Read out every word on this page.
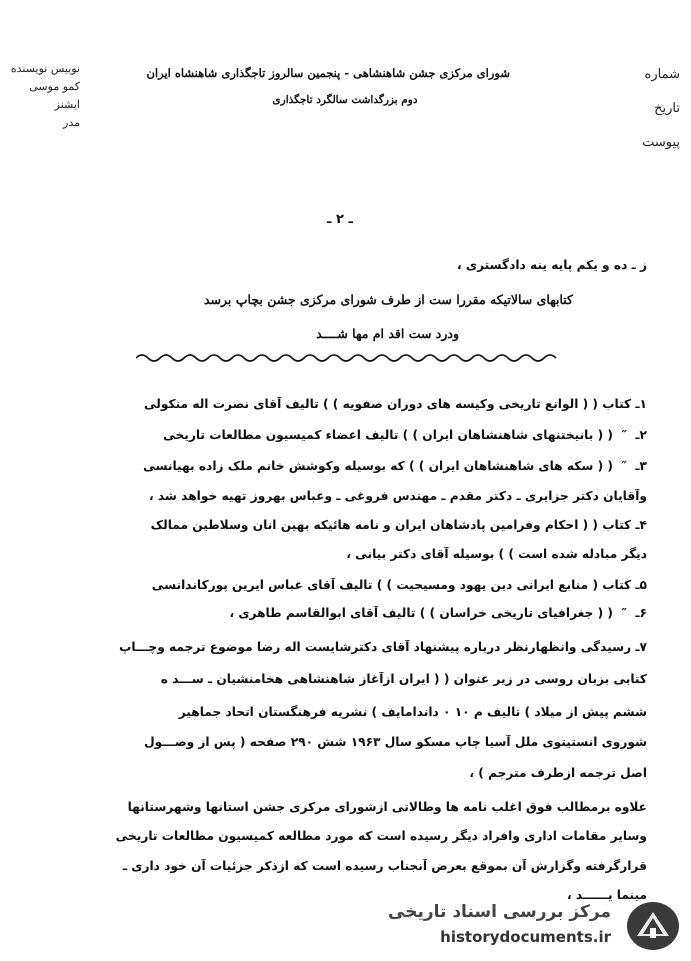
نوییس نویسنده
کمو موسی ایشنز
مدر
شماره
تاریخ
پیوست
شورای مرکزی جشن شاهنشاهی - پنجمین سالروز تاجگذاری شاهنشاه ایران
دوم بزرگداشت سالگرد تاجگذاری
ـ ۲ ـ
ز ـ ده و یکم پایه ینه دادگستری ،
کتابهای سالاتیکه مقررا ست از طرف شورای مرکزی جشن بچاپ برسد
ودرد ست اقد ام مها شــــد
۱ـ کتاب ( ( الوانع تاریخی وکیسه های دوران صفویه ) ) تالیف آقای نصرت اله منکولی
۲ـ ‌ ″ ‌ ( ( بانیختنهای شاهنشاهان ایران ) ) تالیف اعضاء کمیسیون مطالعات تاریخی
۳ـ ‌ ″ ‌ ( ( سکه های شاهنشاهان ایران ) ) که بوسیله وکوشش خانم ملک زاده بهیانسی
وآقایان دکتر جزایری ـ دکتر مقدم ـ مهندس فروغی ـ وعباس بهروز تهیه خواهد شد ،
۴ـ کتاب ( ( احکام وفرامین پادشاهان ایران و نامه هائیکه بهین انان وسلاطین ممالک
دیگر مبادله شده است ) ) بوسیله آقای دکتر بیانی ،
۵ـ کتاب ( منابع ایرانی دین یهود ومسیحیت ) ) تالیف آقای عباس ایرین پورکاندانسی
۶ـ ‌ ″ ‌ ( ( جغرافیای تاریخی خراسان ) ) تالیف آقای ابوالقاسم طاهری ،
۷ـ رسیدگی وانظهارنظر درباره پیشنهاد آقای دکترشایست اله رضا موضوع ترجمه وچـــاپ
کتابی بزبان روسی در زیر عنوان ( ( ایران ازآغاز شاهنشاهی هخامنشیان ـ ســـد ه
ششم پیش از میلاد ) تالیف م ۱۰ ۰ داندامایف ) نشریه فرهنگستان اتحاد جماهیر
شوروی انستیتوی ملل آسیا چاپ مسکو سال ۱۹۶۳ شش ۲۹۰ صفحه ( پس از وصـــول
اصل ترجمه ازطرف مترجم ) ،
علاوه برمطالب فوق اغلب نامه ها وطالاتی ازشورای مرکزی جشن استانها وشهرستانها
وسایر مقامات اداری وافراد دیگر رسیده است که مورد مطالعه کمیسیون مطالعات تاریخی
قرارگرفته وگزارش آن بموقع بعرض آنجناب رسیده است که ازذکر جزئیات آن خود داری ـ
مینما یــــــد ،
مرکز بررسی اسناد تاریخی
historydocuments.ir
